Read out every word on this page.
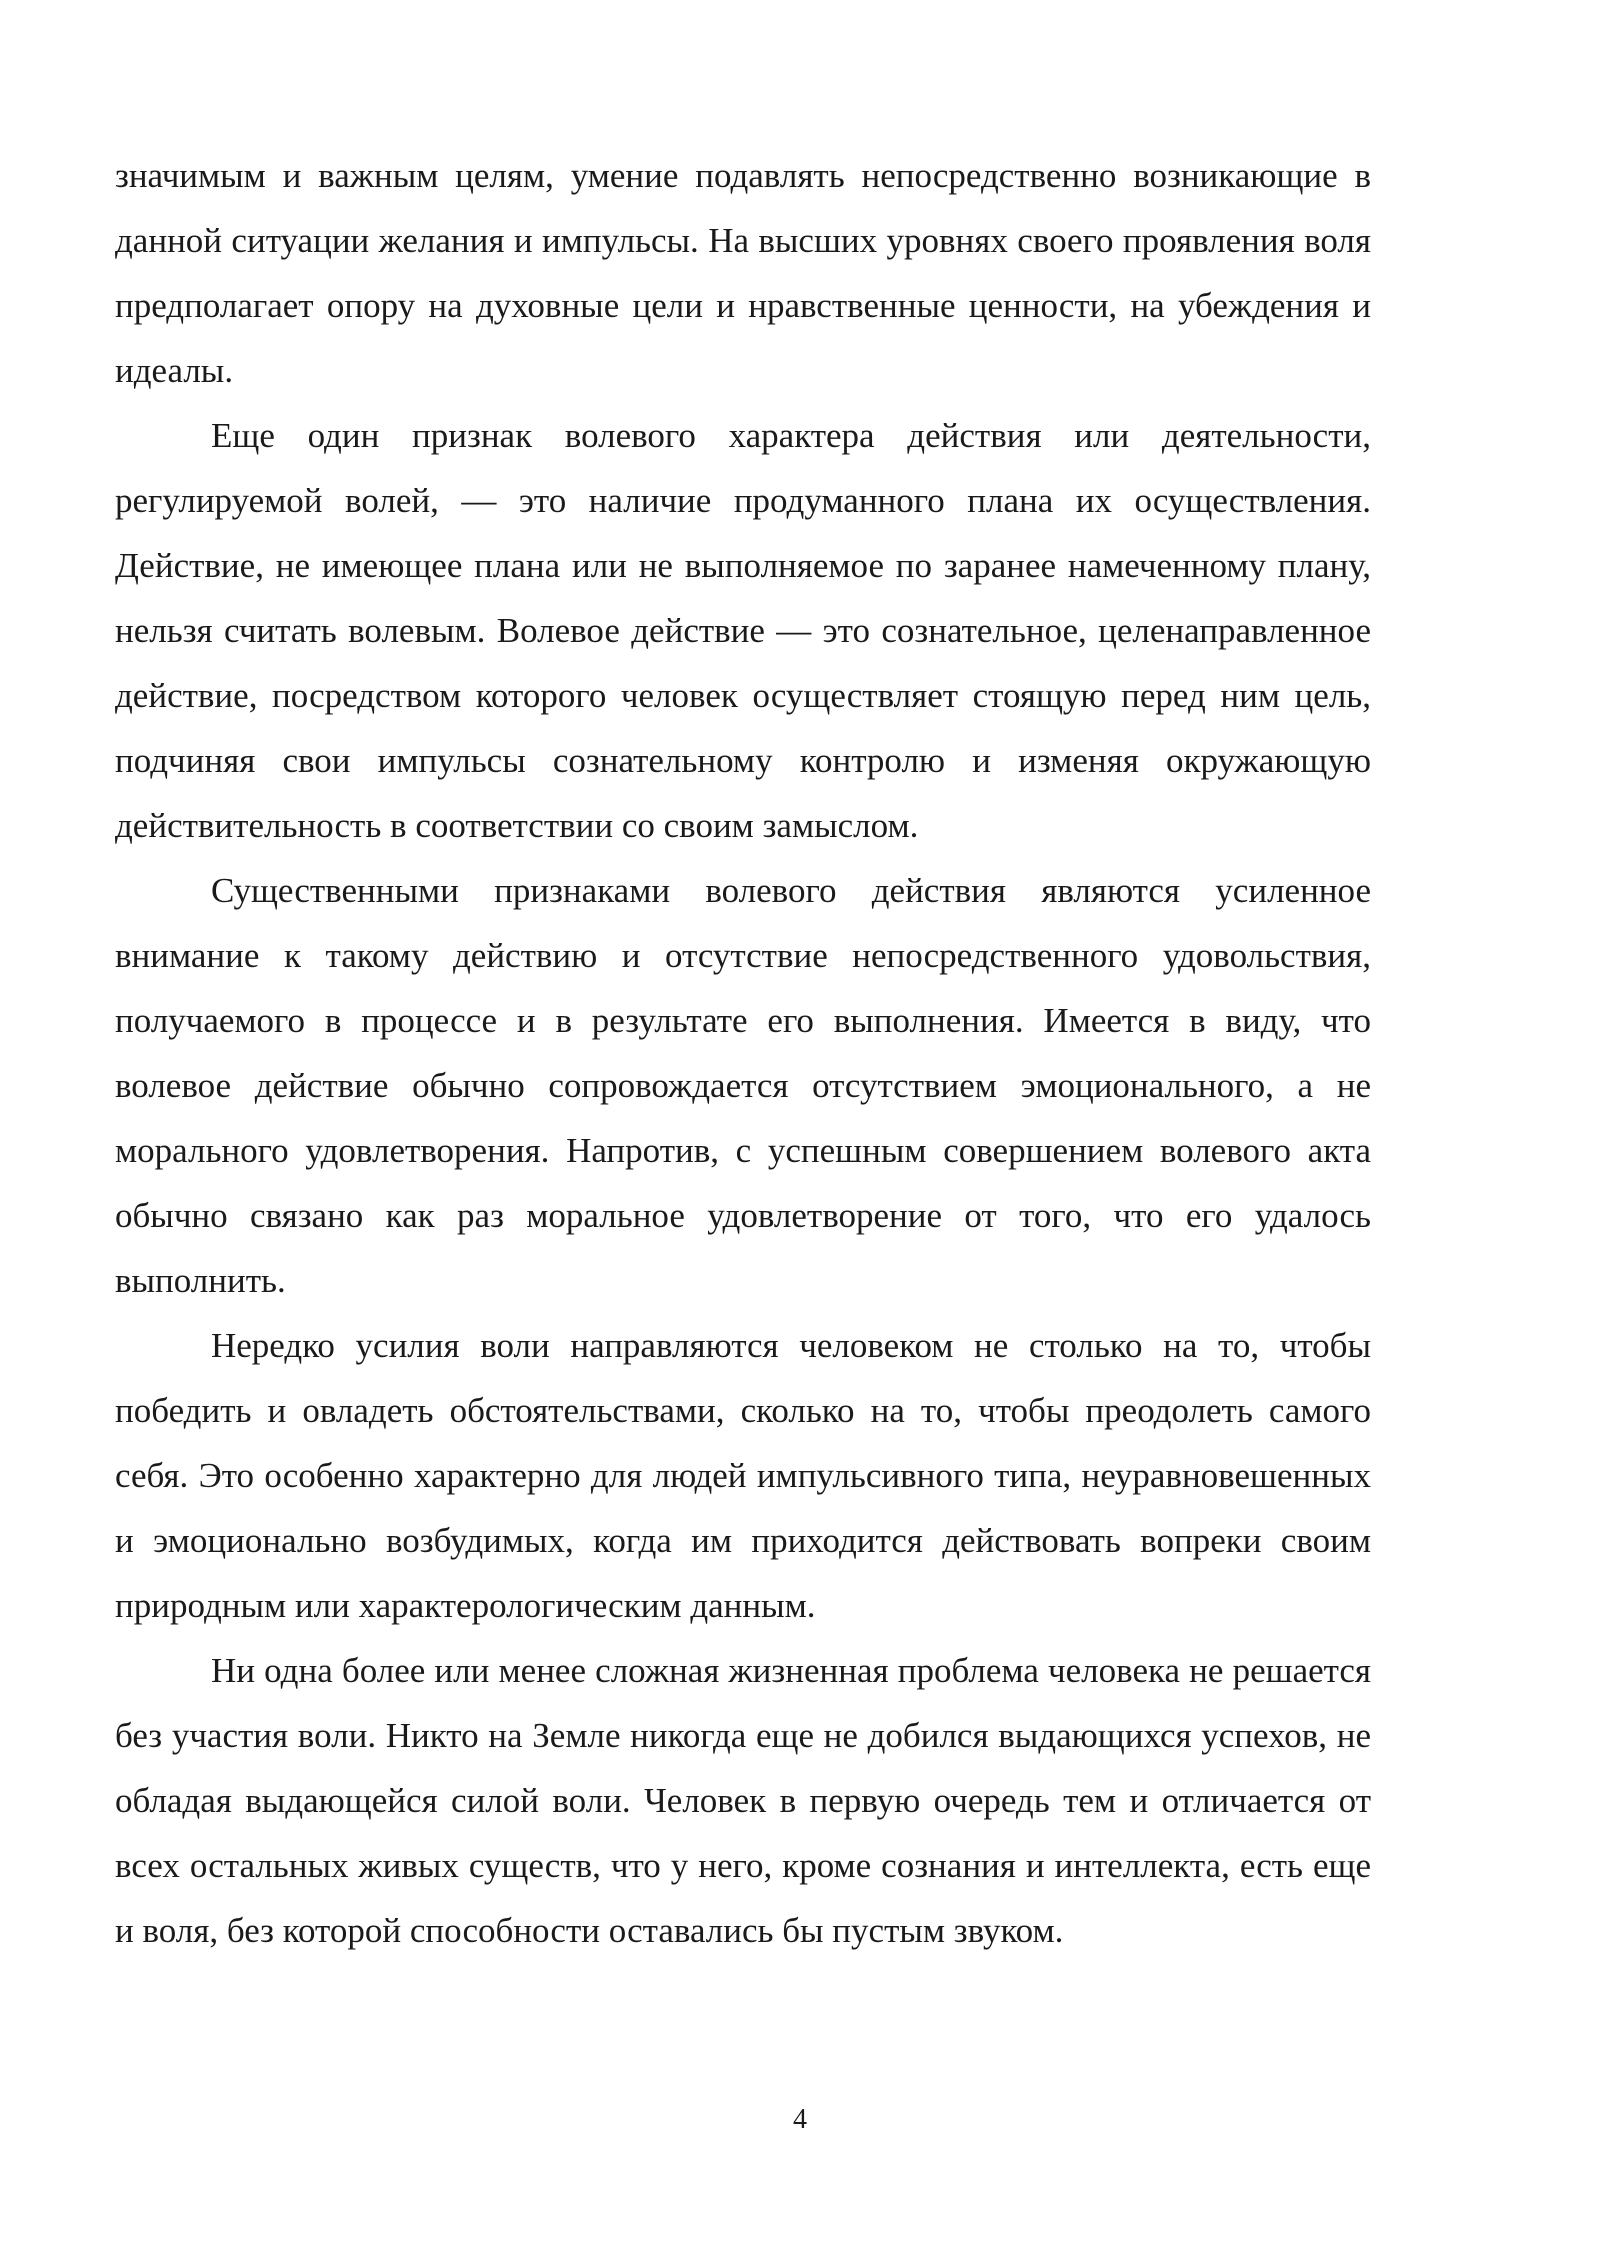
значимым и важным целям, умение подавлять непосредственно возникающие в данной ситуации желания и импульсы. На высших уровнях своего проявления воля предполагает опору на духовные цели и нравственные ценности, на убеждения и идеалы.

Еще один признак волевого характера действия или деятельности, регулируемой волей, — это наличие продуманного плана их осуществления. Действие, не имеющее плана или не выполняемое по заранее намеченному плану, нельзя считать волевым. Волевое действие — это сознательное, целенаправленное действие, посредством которого человек осуществляет стоящую перед ним цель, подчиняя свои импульсы сознательному контролю и изменяя окружающую действительность в соответствии со своим замыслом.

Существенными признаками волевого действия являются усиленное внимание к такому действию и отсутствие непосредственного удовольствия, получаемого в процессе и в результате его выполнения. Имеется в виду, что волевое действие обычно сопровождается отсутствием эмоционального, а не морального удовлетворения. Напротив, с успешным совершением волевого акта обычно связано как раз моральное удовлетворение от того, что его удалось выполнить.

Нередко усилия воли направляются человеком не столько на то, чтобы победить и овладеть обстоятельствами, сколько на то, чтобы преодолеть самого себя. Это особенно характерно для людей импульсивного типа, неуравновешенных и эмоционально возбудимых, когда им приходится действовать вопреки своим природным или характерологическим данным.

Ни одна более или менее сложная жизненная проблема человека не решается без участия воли. Никто на Земле никогда еще не добился выдающихся успехов, не обладая выдающейся силой воли. Человек в первую очередь тем и отличается от всех остальных живых существ, что у него, кроме сознания и интеллекта, есть еще и воля, без которой способности оставались бы пустым звуком.

4
